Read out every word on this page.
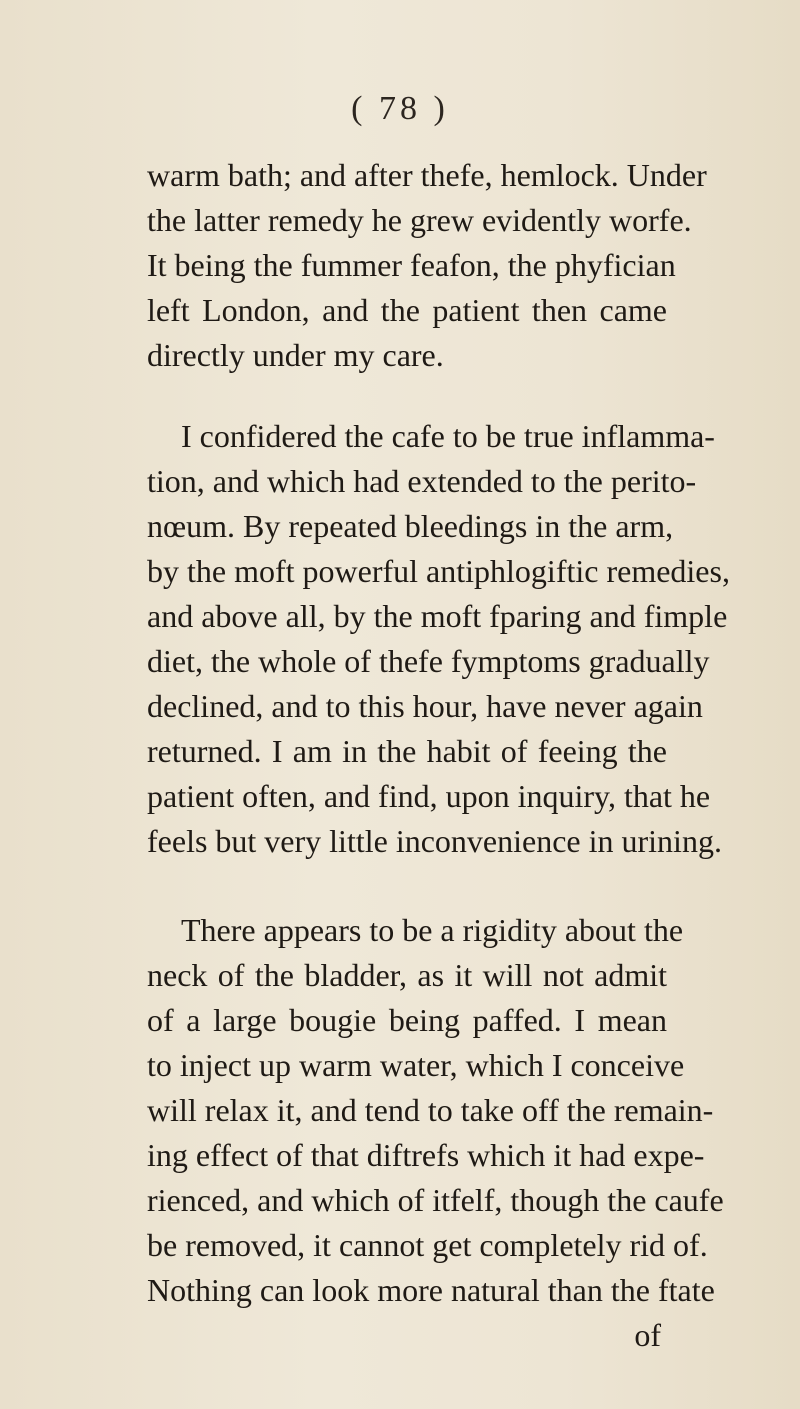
( 78 )
warm bath; and after thefe, hemlock. Under
the latter remedy he grew evidently worfe.
It being the fummer feafon, the phyfician
left London, and the patient then came
directly under my care.
I confidered the cafe to be true inflamma-
tion, and which had extended to the perito-
nœum. By repeated bleedings in the arm,
by the moft powerful antiphlogiftic remedies,
and above all, by the moft fparing and fimple
diet, the whole of thefe fymptoms gradually
declined, and to this hour, have never again
returned. I am in the habit of feeing the
patient often, and find, upon inquiry, that he
feels but very little inconvenience in urining.
There appears to be a rigidity about the
neck of the bladder, as it will not admit
of a large bougie being paffed. I mean
to inject up warm water, which I conceive
will relax it, and tend to take off the remain-
ing effect of that diftrefs which it had expe-
rienced, and which of itfelf, though the caufe
be removed, it cannot get completely rid of.
Nothing can look more natural than the ftate
of
